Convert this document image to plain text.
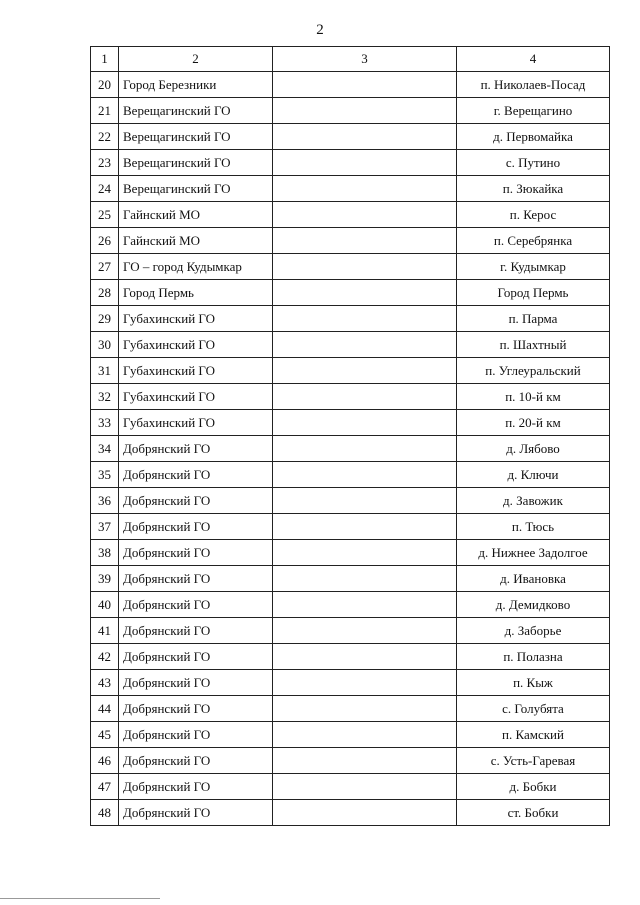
2
1	2	3	4
20	Город Березники		п. Николаев-Посад
21	Верещагинский ГО		г. Верещагино
22	Верещагинский ГО		д. Первомайка
23	Верещагинский ГО		с. Путино
24	Верещагинский ГО		п. Зюкайка
25	Гайнский МО		п. Керос
26	Гайнский МО		п. Серебрянка
27	ГО – город Кудымкар		г. Кудымкар
28	Город Пермь		Город Пермь
29	Губахинский ГО		п. Парма
30	Губахинский ГО		п. Шахтный
31	Губахинский ГО		п. Углеуральский
32	Губахинский ГО		п. 10-й км
33	Губахинский ГО		п. 20-й км
34	Добрянский ГО		д. Лябово
35	Добрянский ГО		д. Ключи
36	Добрянский ГО		д. Завожик
37	Добрянский ГО		п. Тюсь
38	Добрянский ГО		д. Нижнее Задолгое
39	Добрянский ГО		д. Ивановка
40	Добрянский ГО		д. Демидково
41	Добрянский ГО		д. Заборье
42	Добрянский ГО		п. Полазна
43	Добрянский ГО		п. Кыж
44	Добрянский ГО		с. Голубята
45	Добрянский ГО		п. Камский
46	Добрянский ГО		с. Усть-Гаревая
47	Добрянский ГО		д. Бобки
48	Добрянский ГО		ст. Бобки
